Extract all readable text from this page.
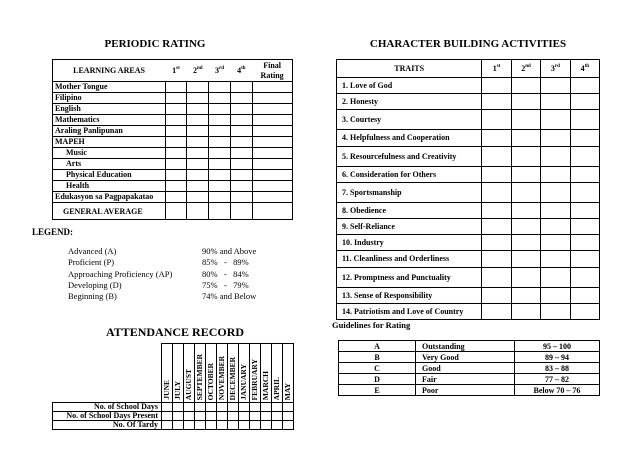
PERIODIC RATING
LEARNING AREAS	1st	2nd	3rd	4th	Final Rating
Mother Tongue					
Filipino					
English					
Mathematics					
Araling Panlipunan					
MAPEH					
Music					
Arts					
Physical Education					
Health					
Edukasyon sa Pagpapakatao					
GENERAL AVERAGE					
LEGEND:
Advanced (A)	90% and Above
Proficient (P)	85%   -   89%
Approaching Proficiency (AP)	80%   -   84%
Developing (D)	75%   -   79%
Beginning (B)	74% and Below
ATTENDANCE RECORD

	JUNE	JULY	AUGUST	SEPTEMBER	OCTOBER	NOVEMBER	DECEMBER	JANUARY	FEBRUARY	MARCH	APRIL	MAY

No. of School Days												
No. of School Days Present												
No. Of Tardy												
CHARACTER BUILDING ACTIVITIES
TRAITS	1st	2nd	3rd	4th
1. Love of God				
2. Honesty				
3. Courtesy				
4. Helpfulness and Cooperation				
5. Resourcefulness and Creativity				
6. Consideration for Others				
7. Sportsmanship				
8. Obedience				
9. Self-Reliance				
10. Industry				
11. Cleanliness and Orderliness				
12. Promptness and Punctuality				
13. Sense of Responsibility				
14. Patriotism and Love of Country				
Guidelines for Rating
A	Outstanding	95 – 100
B	Very Good	89 – 94
C	Good	83 – 88
D	Fair	77 – 82
E	Poor	Below 70 – 76
